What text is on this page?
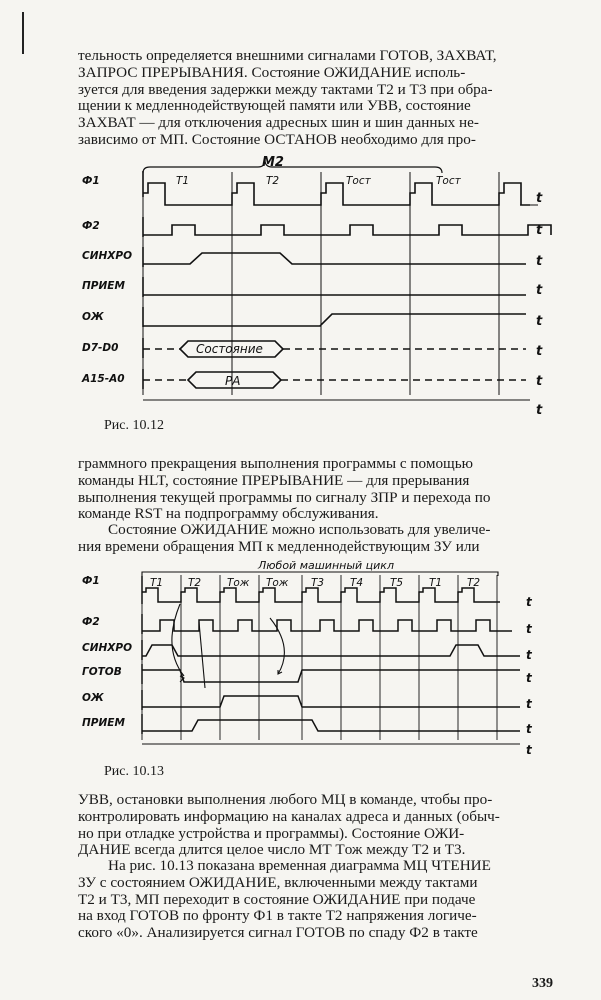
тельность определяется внешними сигналами ГОТОВ, ЗАХВАТ,
ЗАПРОС ПРЕРЫВАНИЯ. Состояние ОЖИДАНИЕ исполь-
зуется для введения задержки между тактами T2 и T3 при обра-
щении к медленнодействующей памяти или УВВ, состояние
ЗАХВАТ — для отключения адресных шин и шин данных не-
зависимо от МП. Состояние ОСТАНОВ необходимо для про-

М2
T1	T2	Tост	Tост
Ф1
Ф2
СИНХРО
ПРИЕМ
ОЖ
D7-D0
A15-A0
Состояние
РА
t
t
t
t
t
t
t
t
Рис. 10.12

граммного прекращения выполнения программы с помощью
команды HLT, состояние ПРЕРЫВАНИЕ — для прерывания
выполнения текущей программы по сигналу ЗПР и перехода по
команде RST на подпрограмму обслуживания.

Состояние ОЖИДАНИЕ можно использовать для увеличе-
ния времени обращения МП к медленнодействующим ЗУ или

Любой машинный цикл
T1 T2 Tож Tож T3 T4	T5 T1 T2
Ф1
Ф2
СИНХРО
ГОТОВ
ОЖ
ПРИЕМ
t
t
t
t
t
t
t
Рис. 10.13

УВВ, остановки выполнения любого МЦ в команде, чтобы про-
контролировать информацию на каналах адреса и данных (обыч-
но при отладке устройства и программы). Состояние ОЖИ-
ДАНИЕ всегда длится целое число МТ Tож между T2 и T3.

На рис. 10.13 показана временная диаграмма МЦ ЧТЕНИЕ
ЗУ с состоянием ОЖИДАНИЕ, включенными между тактами
T2 и T3, МП переходит в состояние ОЖИДАНИЕ при подаче
на вход ГОТОВ по фронту Ф1 в такте T2 напряжения логиче-
ского «0». Анализируется сигнал ГОТОВ по спаду Ф2 в такте

339
